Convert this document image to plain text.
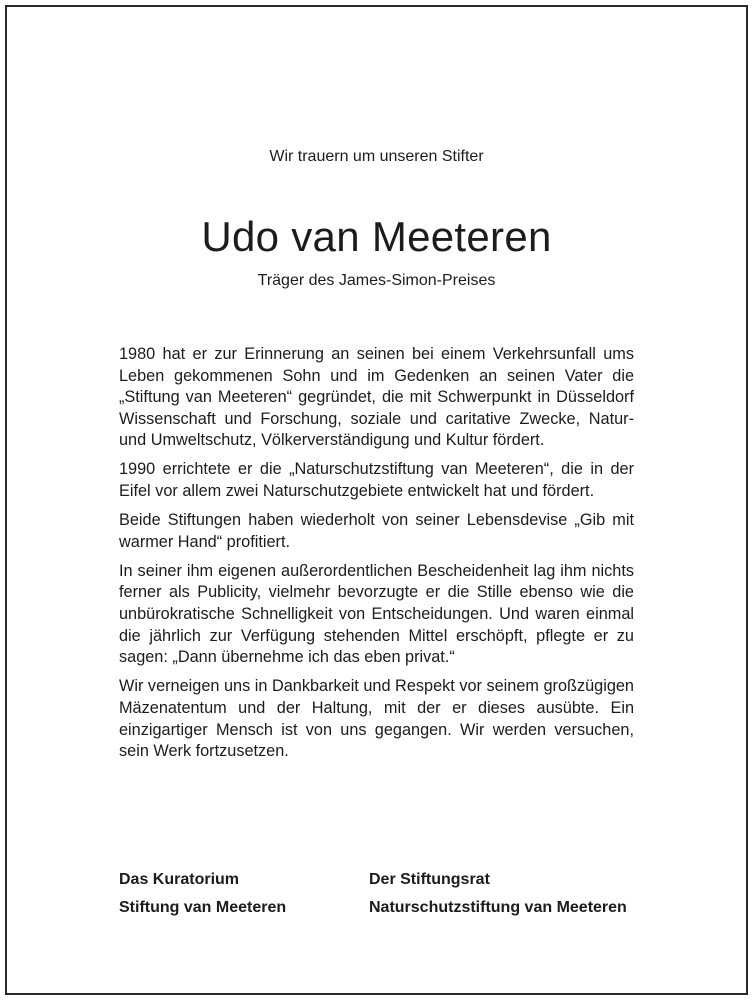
Wir trauern um unseren Stifter
Udo van Meeteren
Träger des James-Simon-Preises

1980 hat er zur Erinnerung an seinen bei einem Verkehrsunfall ums Leben gekommenen Sohn und im Gedenken an seinen Vater die „Stiftung van Meeteren“ gegründet, die mit Schwerpunkt in Düsseldorf Wissenschaft und Forschung, soziale und caritative Zwecke, Natur- und Umweltschutz, Völkerverständigung und Kultur fördert.

1990 errichtete er die „Naturschutzstiftung van Meeteren“, die in der Eifel vor allem zwei Naturschutzgebiete entwickelt hat und fördert.

Beide Stiftungen haben wiederholt von seiner Lebensdevise „Gib mit warmer Hand“ profitiert.

In seiner ihm eigenen außerordentlichen Bescheidenheit lag ihm nichts ferner als Publicity, vielmehr bevorzugte er die Stille ebenso wie die unbürokratische Schnelligkeit von Entscheidungen. Und waren einmal die jährlich zur Verfügung stehenden Mittel erschöpft, pflegte er zu sagen: „Dann übernehme ich das eben privat.“

Wir verneigen uns in Dankbarkeit und Respekt vor seinem großzügigen Mäzenatentum und der Haltung, mit der er dieses ausübte. Ein einzigartiger Mensch ist von uns gegangen. Wir werden versuchen, sein Werk fortzusetzen.

Das Kuratorium
Stiftung van Meeteren
Der Stiftungsrat
Naturschutzstiftung van Meeteren
